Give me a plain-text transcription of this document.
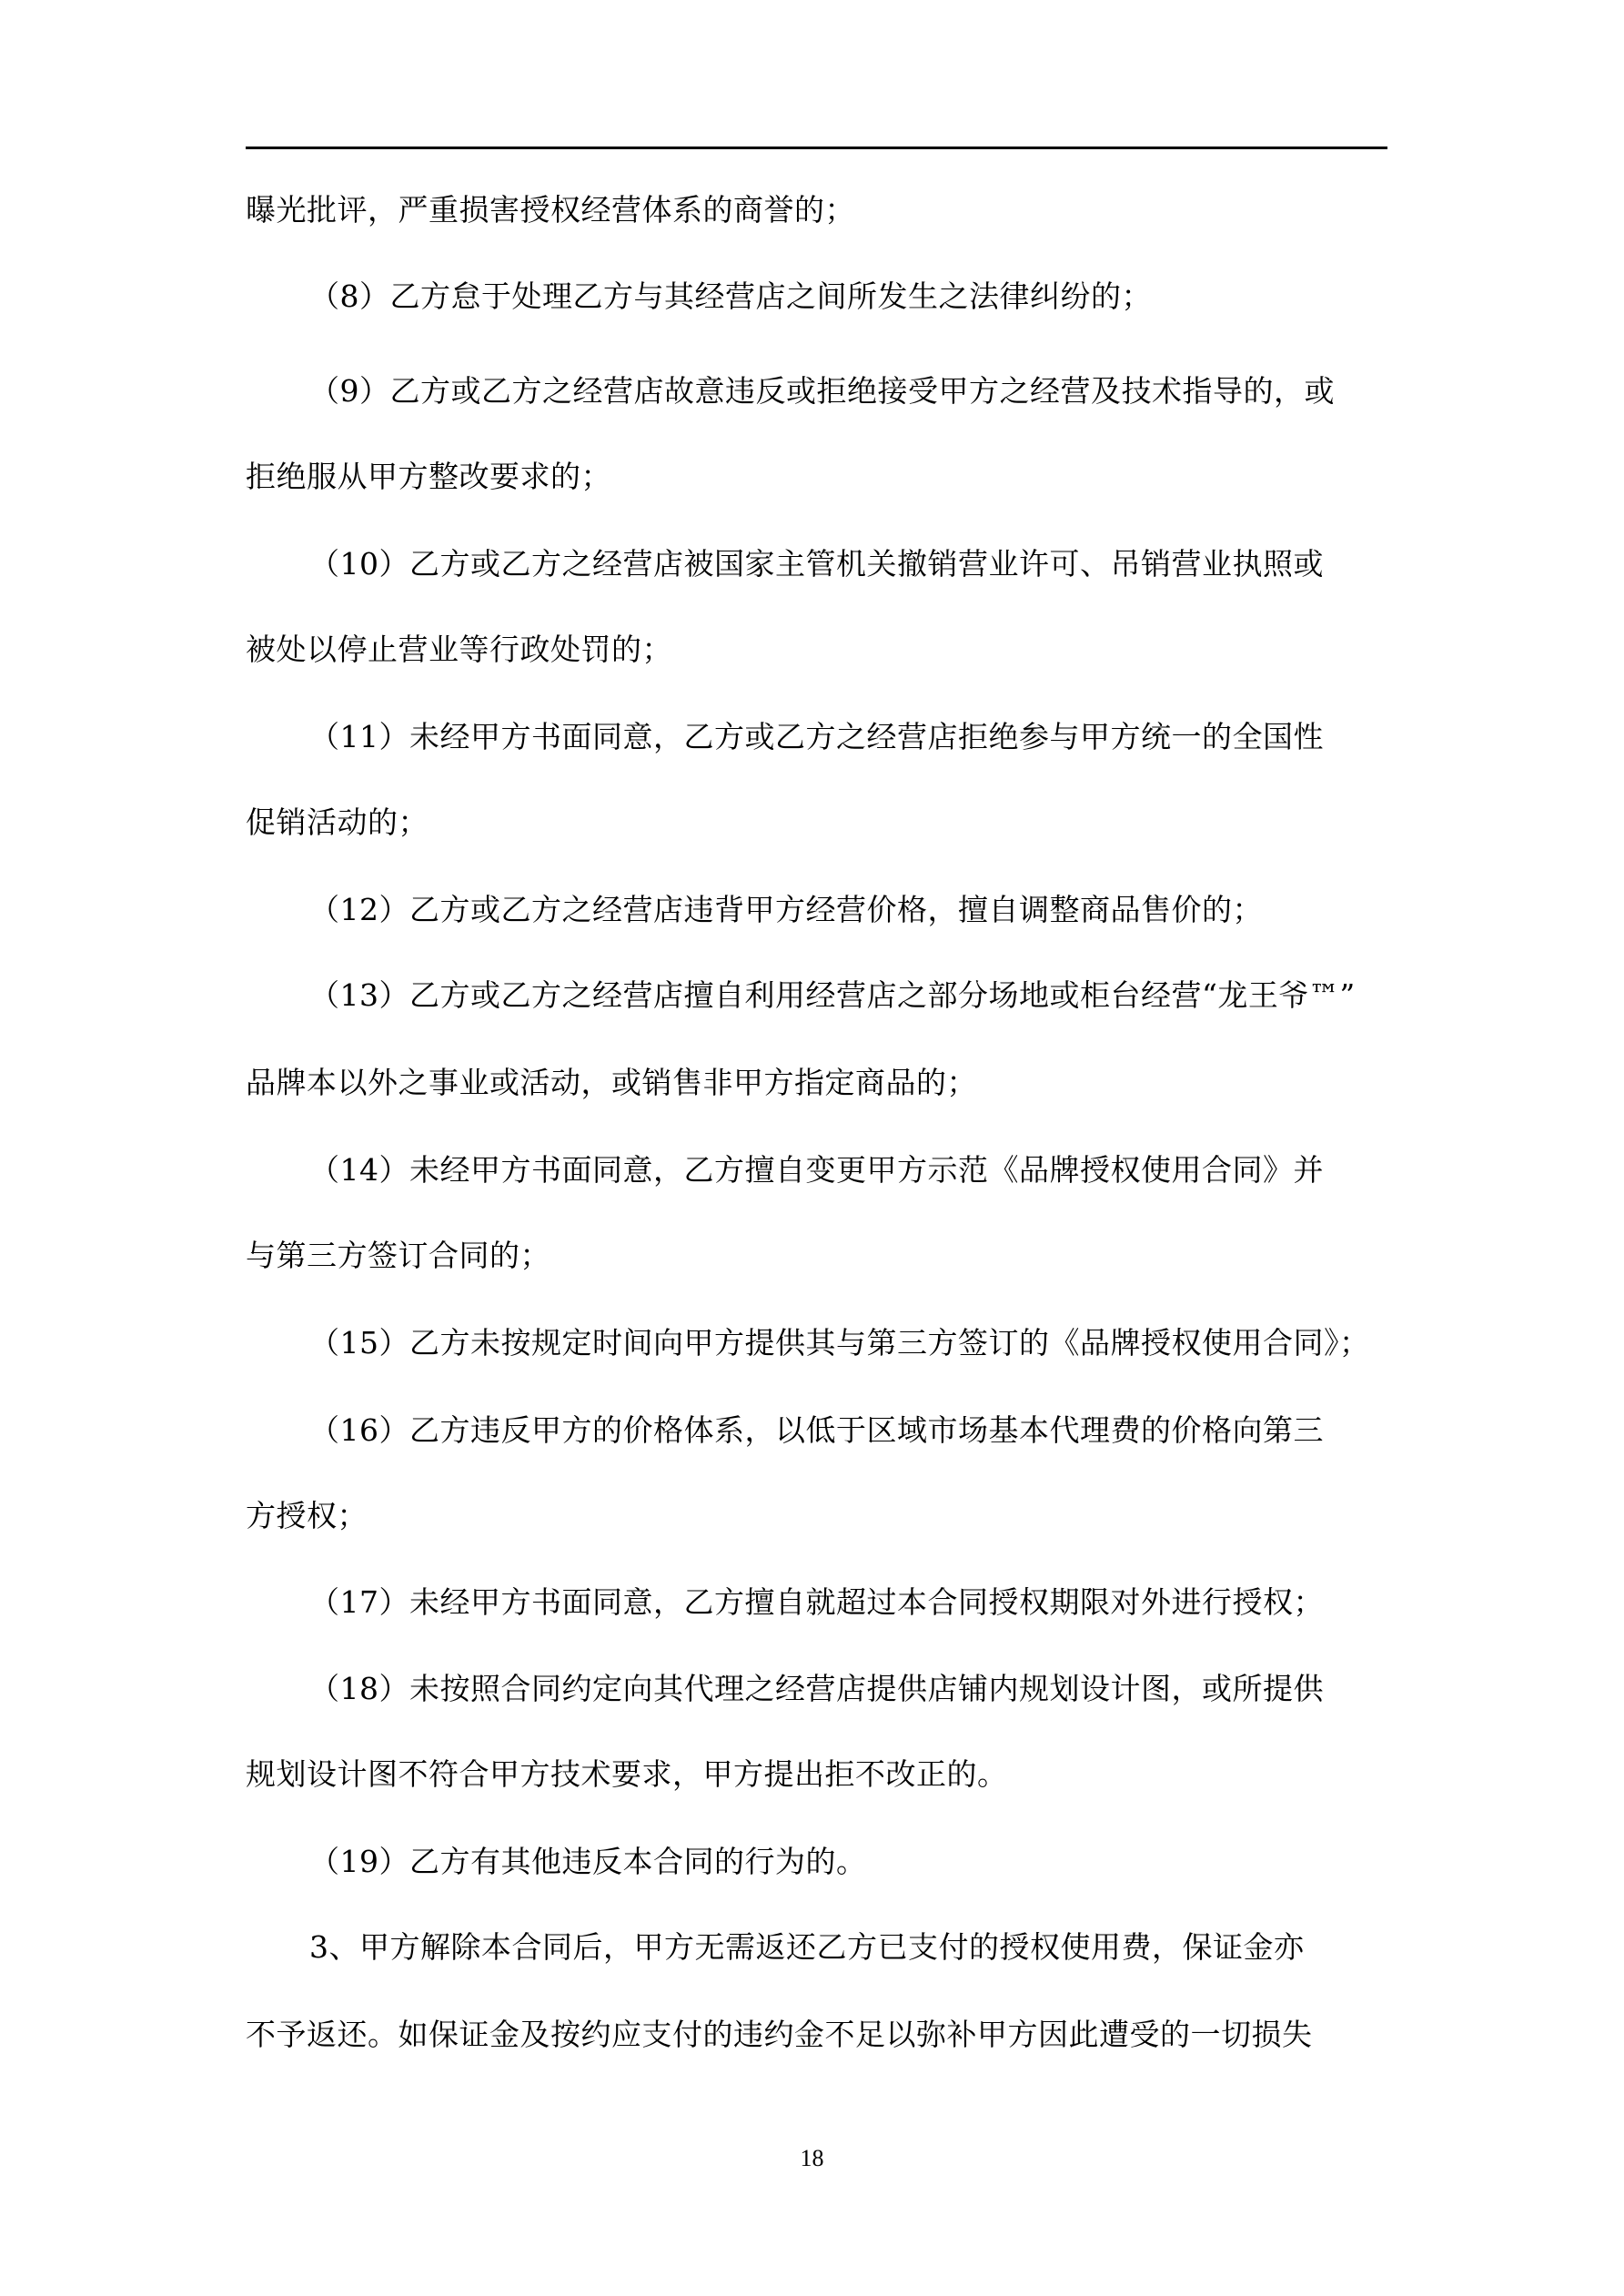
曝光批评，严重损害授权经营体系的商誉的；
（8）乙方怠于处理乙方与其经营店之间所发生之法律纠纷的；
（9）乙方或乙方之经营店故意违反或拒绝接受甲方之经营及技术指导的，或
拒绝服从甲方整改要求的；
（10）乙方或乙方之经营店被国家主管机关撤销营业许可、吊销营业执照或
被处以停止营业等行政处罚的；
（11）未经甲方书面同意，乙方或乙方之经营店拒绝参与甲方统一的全国性
促销活动的；
（12）乙方或乙方之经营店违背甲方经营价格，擅自调整商品售价的；
（13）乙方或乙方之经营店擅自利用经营店之部分场地或柜台经营“龙王爷™”
品牌本以外之事业或活动，或销售非甲方指定商品的；
（14）未经甲方书面同意，乙方擅自变更甲方示范《品牌授权使用合同》并
与第三方签订合同的；
（15）乙方未按规定时间向甲方提供其与第三方签订的《品牌授权使用合同》；
（16）乙方违反甲方的价格体系，以低于区域市场基本代理费的价格向第三
方授权；
（17）未经甲方书面同意，乙方擅自就超过本合同授权期限对外进行授权；
（18）未按照合同约定向其代理之经营店提供店铺内规划设计图，或所提供
规划设计图不符合甲方技术要求，甲方提出拒不改正的。
（19）乙方有其他违反本合同的行为的。
3、甲方解除本合同后，甲方无需返还乙方已支付的授权使用费，保证金亦
不予返还。如保证金及按约应支付的违约金不足以弥补甲方因此遭受的一切损失
18
